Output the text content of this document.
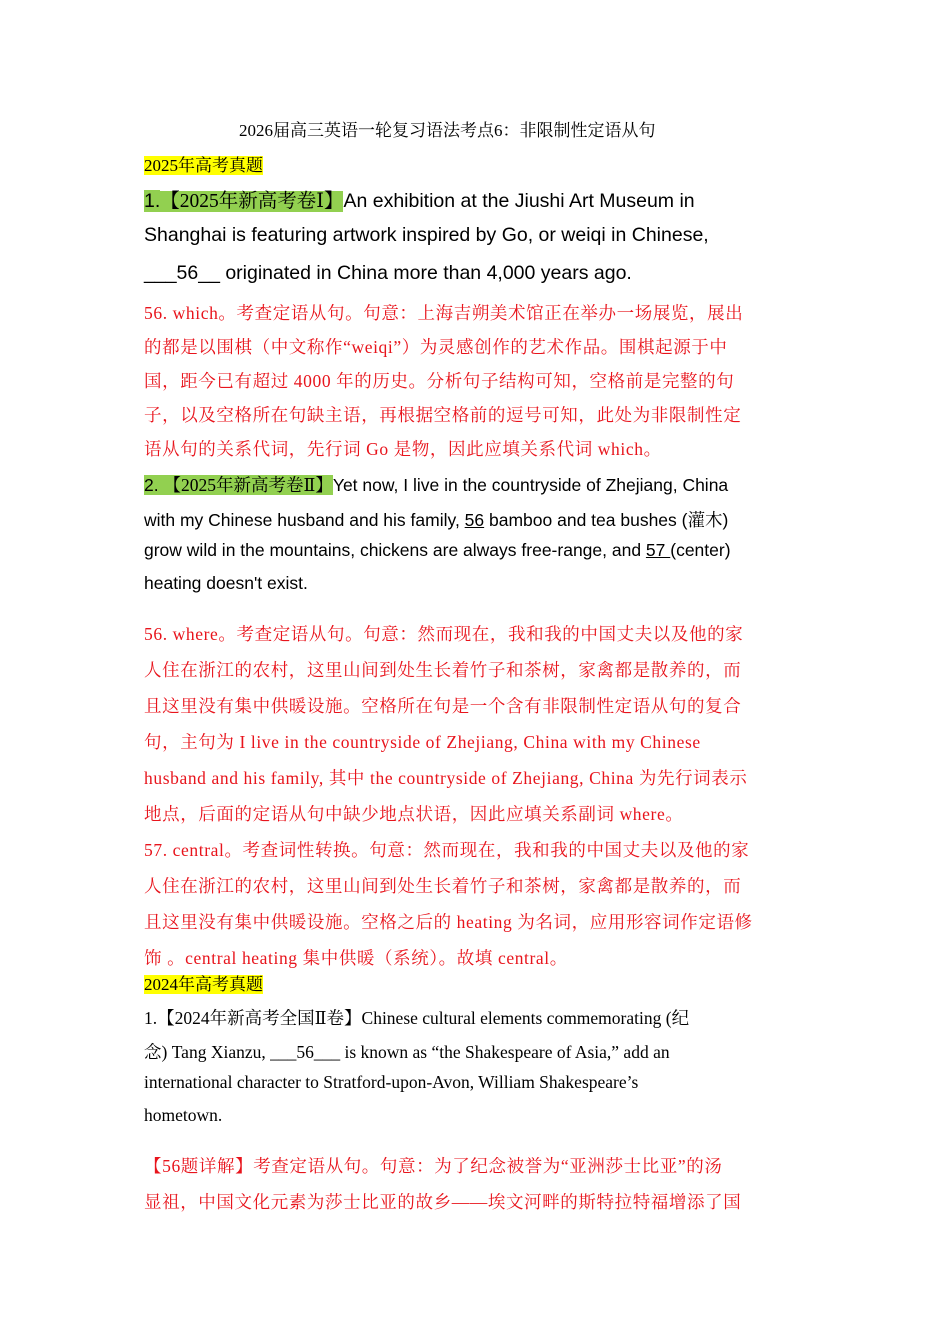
2026届高三英语一轮复习语法考点6：非限制性定语从句
2025年高考真题
1.【2025年新高考卷Ⅰ】An exhibition at the Jiushi Art Museum in
Shanghai is featuring artwork inspired by Go, or weiqi in Chinese,
___56__ originated in China more than 4,000 years ago.
56. which。考查定语从句。句意：上海吉朔美术馆正在举办一场展览，展出
的都是以围棋（中文称作“weiqi”）为灵感创作的艺术作品。围棋起源于中
国，距今已有超过 4000 年的历史。分析句子结构可知，空格前是完整的句
子，以及空格所在句缺主语，再根据空格前的逗号可知，此处为非限制性定
语从句的关系代词，先行词 Go 是物，因此应填关系代词 which。
2. 【2025年新高考卷Ⅱ】Yet now, I live in the countryside of Zhejiang, China
with my Chinese husband and his family, 56 bamboo and tea bushes (灌木)
grow wild in the mountains, chickens are always free-range, and 57 (center)
heating doesn't exist.
56. where。考查定语从句。句意：然而现在，我和我的中国丈夫以及他的家
人住在浙江的农村，这里山间到处生长着竹子和茶树，家禽都是散养的，而
且这里没有集中供暖设施。空格所在句是一个含有非限制性定语从句的复合
句，主句为 I live in the countryside of Zhejiang, China with my Chinese
husband and his family, 其中 the countryside of Zhejiang, China 为先行词表示
地点，后面的定语从句中缺少地点状语，因此应填关系副词 where。
57. central。考查词性转换。句意：然而现在，我和我的中国丈夫以及他的家
人住在浙江的农村，这里山间到处生长着竹子和茶树，家禽都是散养的，而
且这里没有集中供暖设施。空格之后的 heating 为名词，应用形容词作定语修
饰 。central heating 集中供暖（系统）。故填 central。
2024年高考真题
1.【2024年新高考全国Ⅱ卷】Chinese cultural elements commemorating (纪
念) Tang Xianzu, ___56___ is known as “the Shakespeare of Asia,” add an
international character to Stratford-upon-Avon, William Shakespeare’s
hometown.
【56题详解】考查定语从句。句意：为了纪念被誉为“亚洲莎士比亚”的汤
显祖，中国文化元素为莎士比亚的故乡——埃文河畔的斯特拉特福增添了国
